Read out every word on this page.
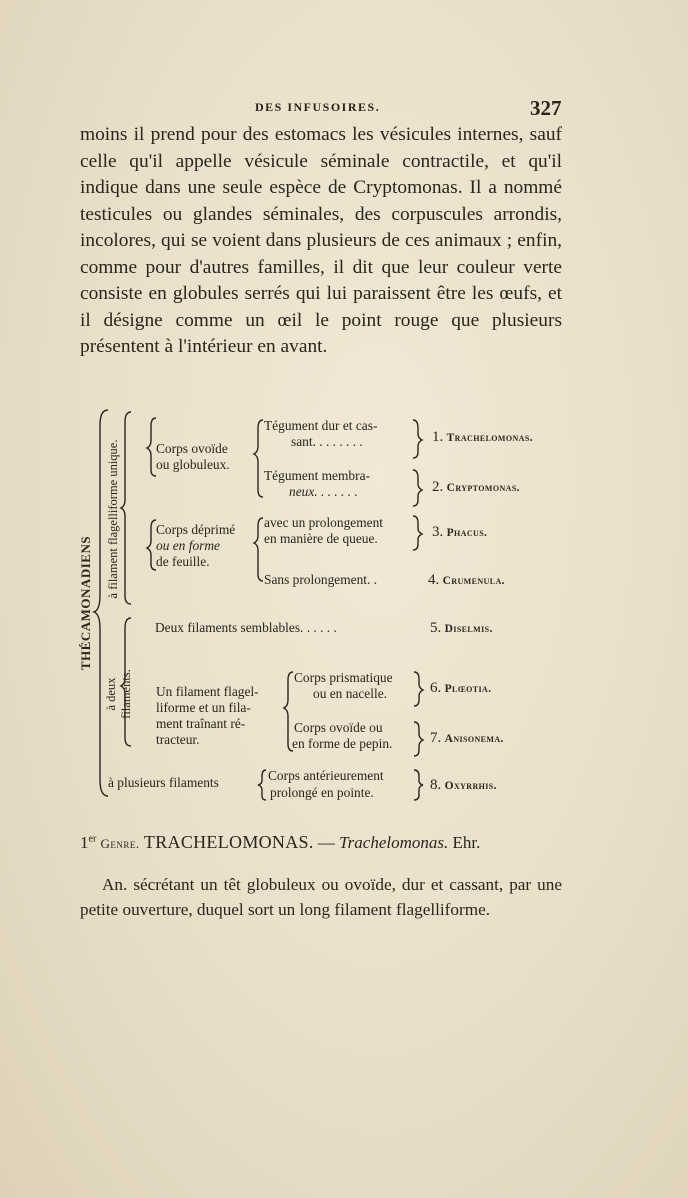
DES INFUSOIRES.	327

moins il prend pour des estomacs les vésicules internes, sauf celle qu'il appelle vésicule séminale contractile, et qu'il indique dans une seule espèce de Cryptomonas. Il a nommé testicules ou glandes séminales, des corpuscules arrondis, incolores, qui se voient dans plusieurs de ces animaux ; enfin, comme pour d'autres familles, il dit que leur couleur verte consiste en globules serrés qui lui paraissent être les œufs, et il désigne comme un œil le point rouge que plusieurs présentent à l'intérieur en avant.

THÉCAMONADIENS
à filament flagelliforme unique.
à deux filaments.
Corps ovoïde
ou globuleux.
Tégument dur et cas-
sant. . . . . . . .
Tégument membra-
neux. . . . . . .
Corps déprimé
ou en forme
de feuille.
avec un prolongement
en manière de queue.
Sans prolongement. .
Deux filaments semblables. . . . . .
Un filament flagel-
liforme et un fila-
ment traînant ré-
tracteur.
Corps prismatique
ou en nacelle.
Corps ovoïde ou
en forme de pepin.
à plusieurs filaments	Corps antérieurement
prolongé en pointe.
1. Trachelomonas.
2. Cryptomonas.
3. Phacus.
4. Crumenula.
5. Diselmis.
6. Plœotia.
7. Anisonema.
8. Oxyrrhis.
1er Genre. TRACHELOMONAS. — Trachelomonas. Ehr.

An. sécrétant un têt globuleux ou ovoïde, dur et cassant, par une petite ouverture, duquel sort un long filament flagelliforme.
